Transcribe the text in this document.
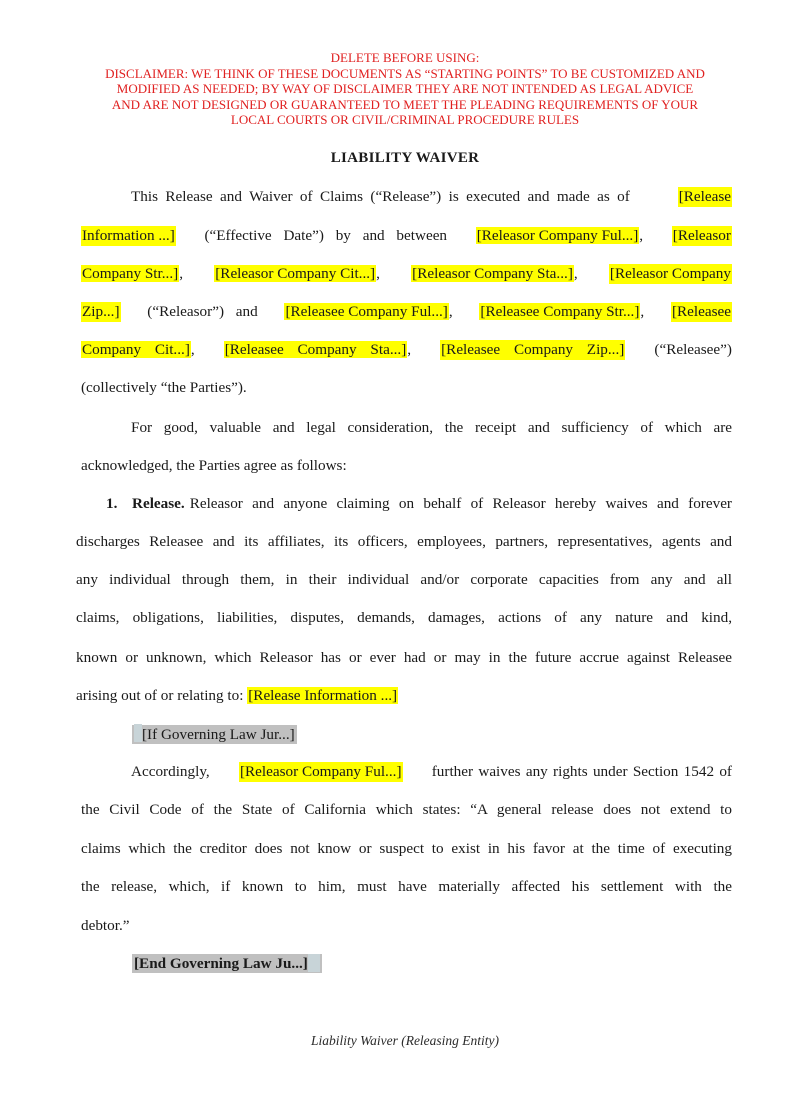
DELETE BEFORE USING:
DISCLAIMER: WE THINK OF THESE DOCUMENTS AS “STARTING POINTS” TO BE CUSTOMIZED AND
MODIFIED AS NEEDED; BY WAY OF DISCLAIMER THEY ARE NOT INTENDED AS LEGAL ADVICE
AND ARE NOT DESIGNED OR GUARANTEED TO MEET THE PLEADING REQUIREMENTS OF YOUR
LOCAL COURTS OR CIVIL/CRIMINAL PROCEDURE RULES
LIABILITY WAIVER
This Release and Waiver of Claims (“Release”) is executed and made as of	[Release
Information ...] (“Effective Date”) by and between [Releasor Company Ful...], [Releasor
Company Str...], [Releasor Company Cit...], [Releasor Company Sta...], [Releasor Company
Zip...] (“Releasor”) and [Releasee Company Ful...], [Releasee Company Str...], [Releasee
Company Cit...], [Releasee Company Sta...], [Releasee Company Zip...] (“Releasee”)
(collectively “the Parties”).
For good, valuable and legal consideration, the receipt and sufficiency of which are
acknowledged, the Parties agree as follows:
1. Release. Releasor and anyone claiming on behalf of Releasor hereby waives and forever
discharges Releasee and its affiliates, its officers, employees, partners, representatives, agents and
any individual through them, in their individual and/or corporate capacities from any and all
claims, obligations, liabilities, disputes, demands, damages, actions of any nature and kind,
known or unknown, which Releasor has or ever had or may in the future accrue against Releasee
arising out of or relating to: [Release Information ...]
[If Governing Law Jur...]
Accordingly, [Releasor Company Ful...] further waives any rights under Section 1542 of
the Civil Code of the State of California which states: “A general release does not extend to
claims which the creditor does not know or suspect to exist in his favor at the time of executing
the release, which, if known to him, must have materially affected his settlement with the
debtor.”
[End Governing Law Ju...]
Liability Waiver (Releasing Entity)
